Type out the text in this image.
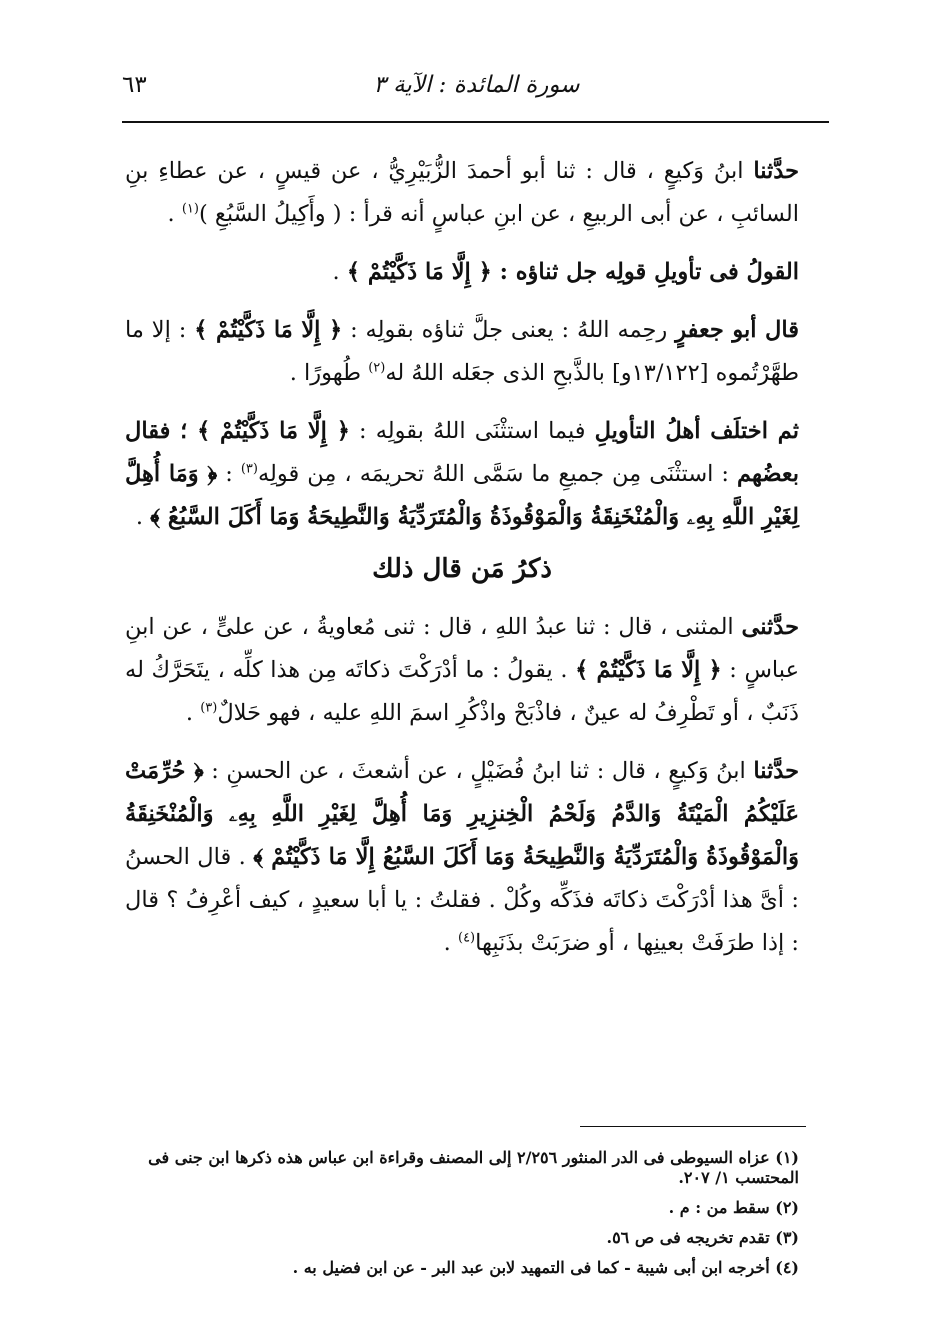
سورة المائدة : الآية ٣
٦٣

حدَّثنا ابنُ وَكيعٍ ، قال : ثنا أبو أحمدَ الزُّبَيْرِيُّ ، عن قيسٍ ، عن عطاءِ بنِ السائبِ ، عن أبى الربيعِ ، عن ابنِ عباسٍ أنه قرأ : ( وأَكِيلُ السَّبُعِ )$^{(١)}$ .

القولُ فى تأويلِ قولِه جل ثناؤه : ﴿ إِلَّا مَا ذَكَّيْتُمْ ﴾ .

قال أبو جعفرٍ رحِمه اللهُ : يعنى جلَّ ثناؤه بقولِه : ﴿ إِلَّا مَا ذَكَّيْتُمْ ﴾ : إلا ما طهَّرْتُموه [١٣/١٢٢و] بالذَّبحِ الذى جعَله اللهُ له$^{(٢)}$ طُهورًا .

ثم اختلَف أهلُ التأويلِ فيما استثْنَى اللهُ بقولِه : ﴿ إِلَّا مَا ذَكَّيْتُمْ ﴾ ؛ فقال بعضُهم : استثْنَى مِن جميعِ ما سَمَّى اللهُ تحريمَه ، مِن قولِه$^{(٣)}$ : ﴿ وَمَا أُهِلَّ لِغَيْرِ اللَّهِ بِهِۦ وَالْمُنْخَنِقَةُ وَالْمَوْقُوذَةُ وَالْمُتَرَدِّيَةُ وَالنَّطِيحَةُ وَمَا أَكَلَ السَّبُعُ ﴾ .

ذكرُ مَن قال ذلك

حدَّثنى المثنى ، قال : ثنا عبدُ اللهِ ، قال : ثنى مُعاويةُ ، عن علىٍّ ، عن ابنِ عباسٍ : ﴿ إِلَّا مَا ذَكَّيْتُمْ ﴾ . يقولُ : ما أدْرَكْتَ ذكاتَه مِن هذا كلِّه ، يتَحَرَّكُ له ذَنَبٌ ، أو تَطْرِفُ له عينٌ ، فاذْبَحْ واذْكُرِ اسمَ اللهِ عليه ، فهو حَلالٌ$^{(٣)}$ .

حدَّثنا ابنُ وَكيعٍ ، قال : ثنا ابنُ فُضَيْلٍ ، عن أشعثَ ، عن الحسنِ : ﴿ حُرِّمَتْ عَلَيْكُمُ الْمَيْتَةُ وَالدَّمُ وَلَحْمُ الْخِنزِيرِ وَمَا أُهِلَّ لِغَيْرِ اللَّهِ بِهِۦ وَالْمُنْخَنِقَةُ وَالْمَوْقُوذَةُ وَالْمُتَرَدِّيَةُ وَالنَّطِيحَةُ وَمَا أَكَلَ السَّبُعُ إِلَّا مَا ذَكَّيْتُمْ ﴾ . قال الحسنُ : أىَّ هذا أدْرَكْتَ ذكاتَه فذَكِّه وكُلْ . فقلتُ : يا أبا سعيدٍ ، كيف أعْرِفُ ؟ قال : إذا طرَفَتْ بعينِها ، أو ضرَبَتْ بذَنَبِها$^{(٤)}$ .

(١) عزاه السيوطى فى الدر المنثور ٢/٢٥٦ إلى المصنف وقراءة ابن عباس هذه ذكرها ابن جنى فى المحتسب ١/ ٢٠٧.

(٢) سقط من : م .

(٣) تقدم تخريجه فى ص ٥٦.

(٤) أخرجه ابن أبى شيبة - كما فى التمهيد لابن عبد البر - عن ابن فضيل به .
